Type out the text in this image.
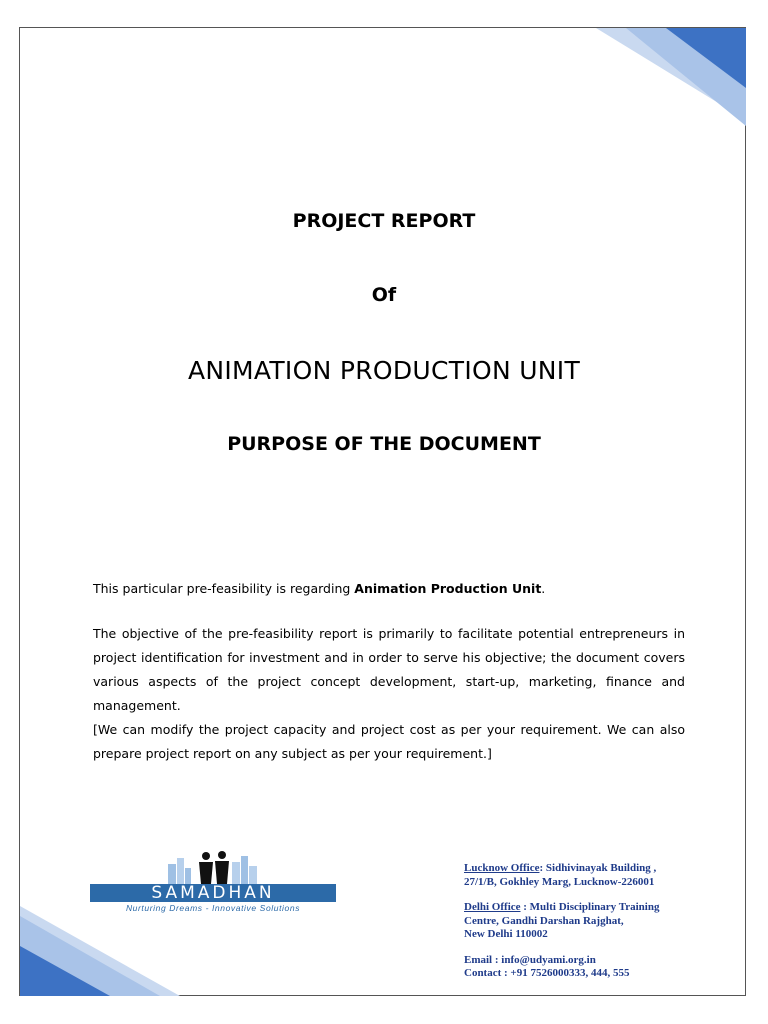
PROJECT REPORT
Of
ANIMATION PRODUCTION UNIT
PURPOSE OF THE DOCUMENT
This particular pre-feasibility is regarding Animation Production Unit.
The objective of the pre-feasibility report is primarily to facilitate potential entrepreneurs in project identification for investment and in order to serve his objective; the document covers various aspects of the project concept development, start-up, marketing, finance and management.
[We can modify the project capacity and project cost as per your requirement. We can also prepare project report on any subject as per your requirement.]
SAMADHAN
Nurturing Dreams - Innovative Solutions
Lucknow Office: Sidhivinayak Building ,
27/1/B, Gokhley Marg, Lucknow-226001
Delhi Office : Multi Disciplinary Training
Centre, Gandhi Darshan Rajghat,
New Delhi 110002
Email : info@udyami.org.in
Contact : +91 7526000333, 444, 555
